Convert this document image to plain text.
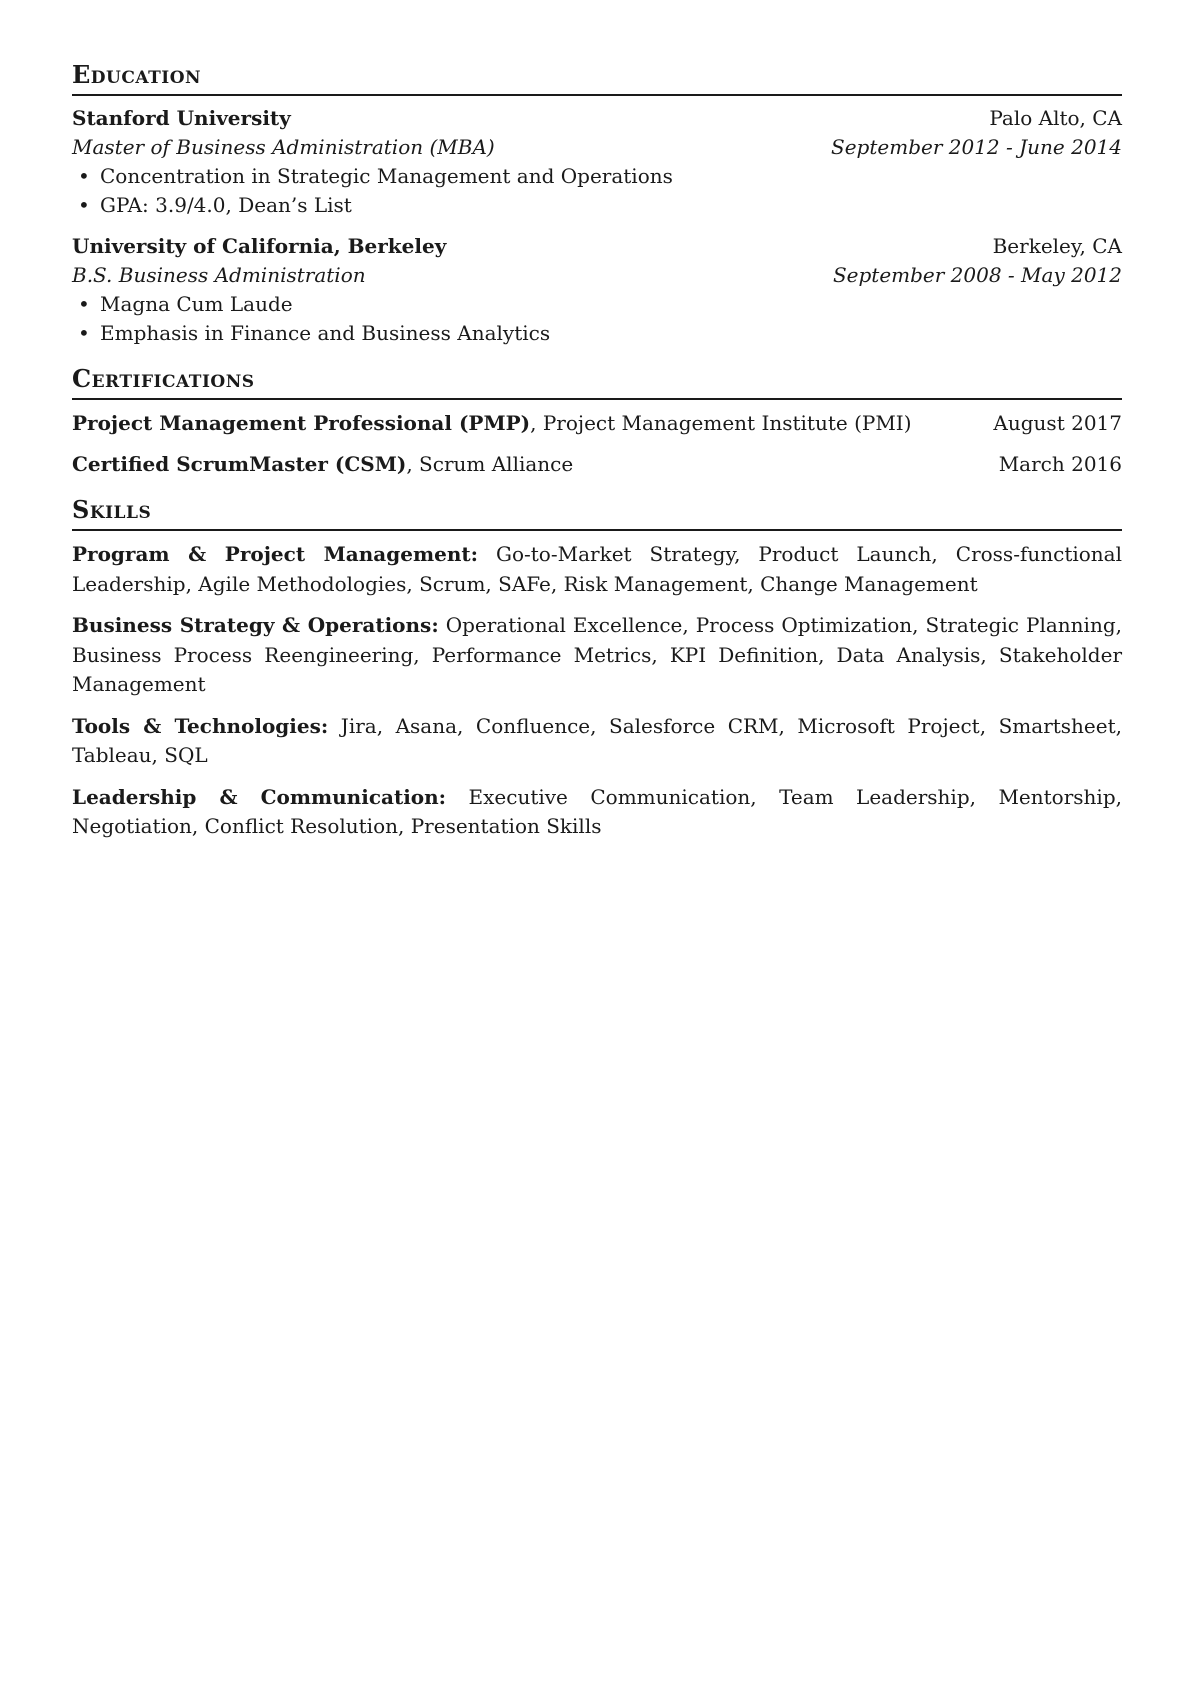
Education
Stanford University	Palo Alto, CA
Master of Business Administration (MBA)	September 2012 - June 2014
• Concentration in Strategic Management and Operations
• GPA: 3.9/4.0, Dean’s List
University of California, Berkeley	Berkeley, CA
B.S. Business Administration	September 2008 - May 2012
• Magna Cum Laude
• Emphasis in Finance and Business Analytics
Certifications
Project Management Professional (PMP), Project Management Institute (PMI)	August 2017
Certified ScrumMaster (CSM), Scrum Alliance	March 2016
Skills

Program & Project Management: Go-to-Market Strategy, Product Launch, Cross-functional Leadership, Agile Methodologies, Scrum, SAFe, Risk Management, Change Management

Business Strategy & Operations: Operational Excellence, Process Optimization, Strategic Planning, Business Process Reengineering, Performance Metrics, KPI Definition, Data Analysis, Stakeholder Management

Tools & Technologies: Jira, Asana, Confluence, Salesforce CRM, Microsoft Project, Smartsheet, Tableau, SQL

Leadership & Communication: Executive Communication, Team Leadership, Mentorship, Negotiation, Conflict Resolution, Presentation Skills
